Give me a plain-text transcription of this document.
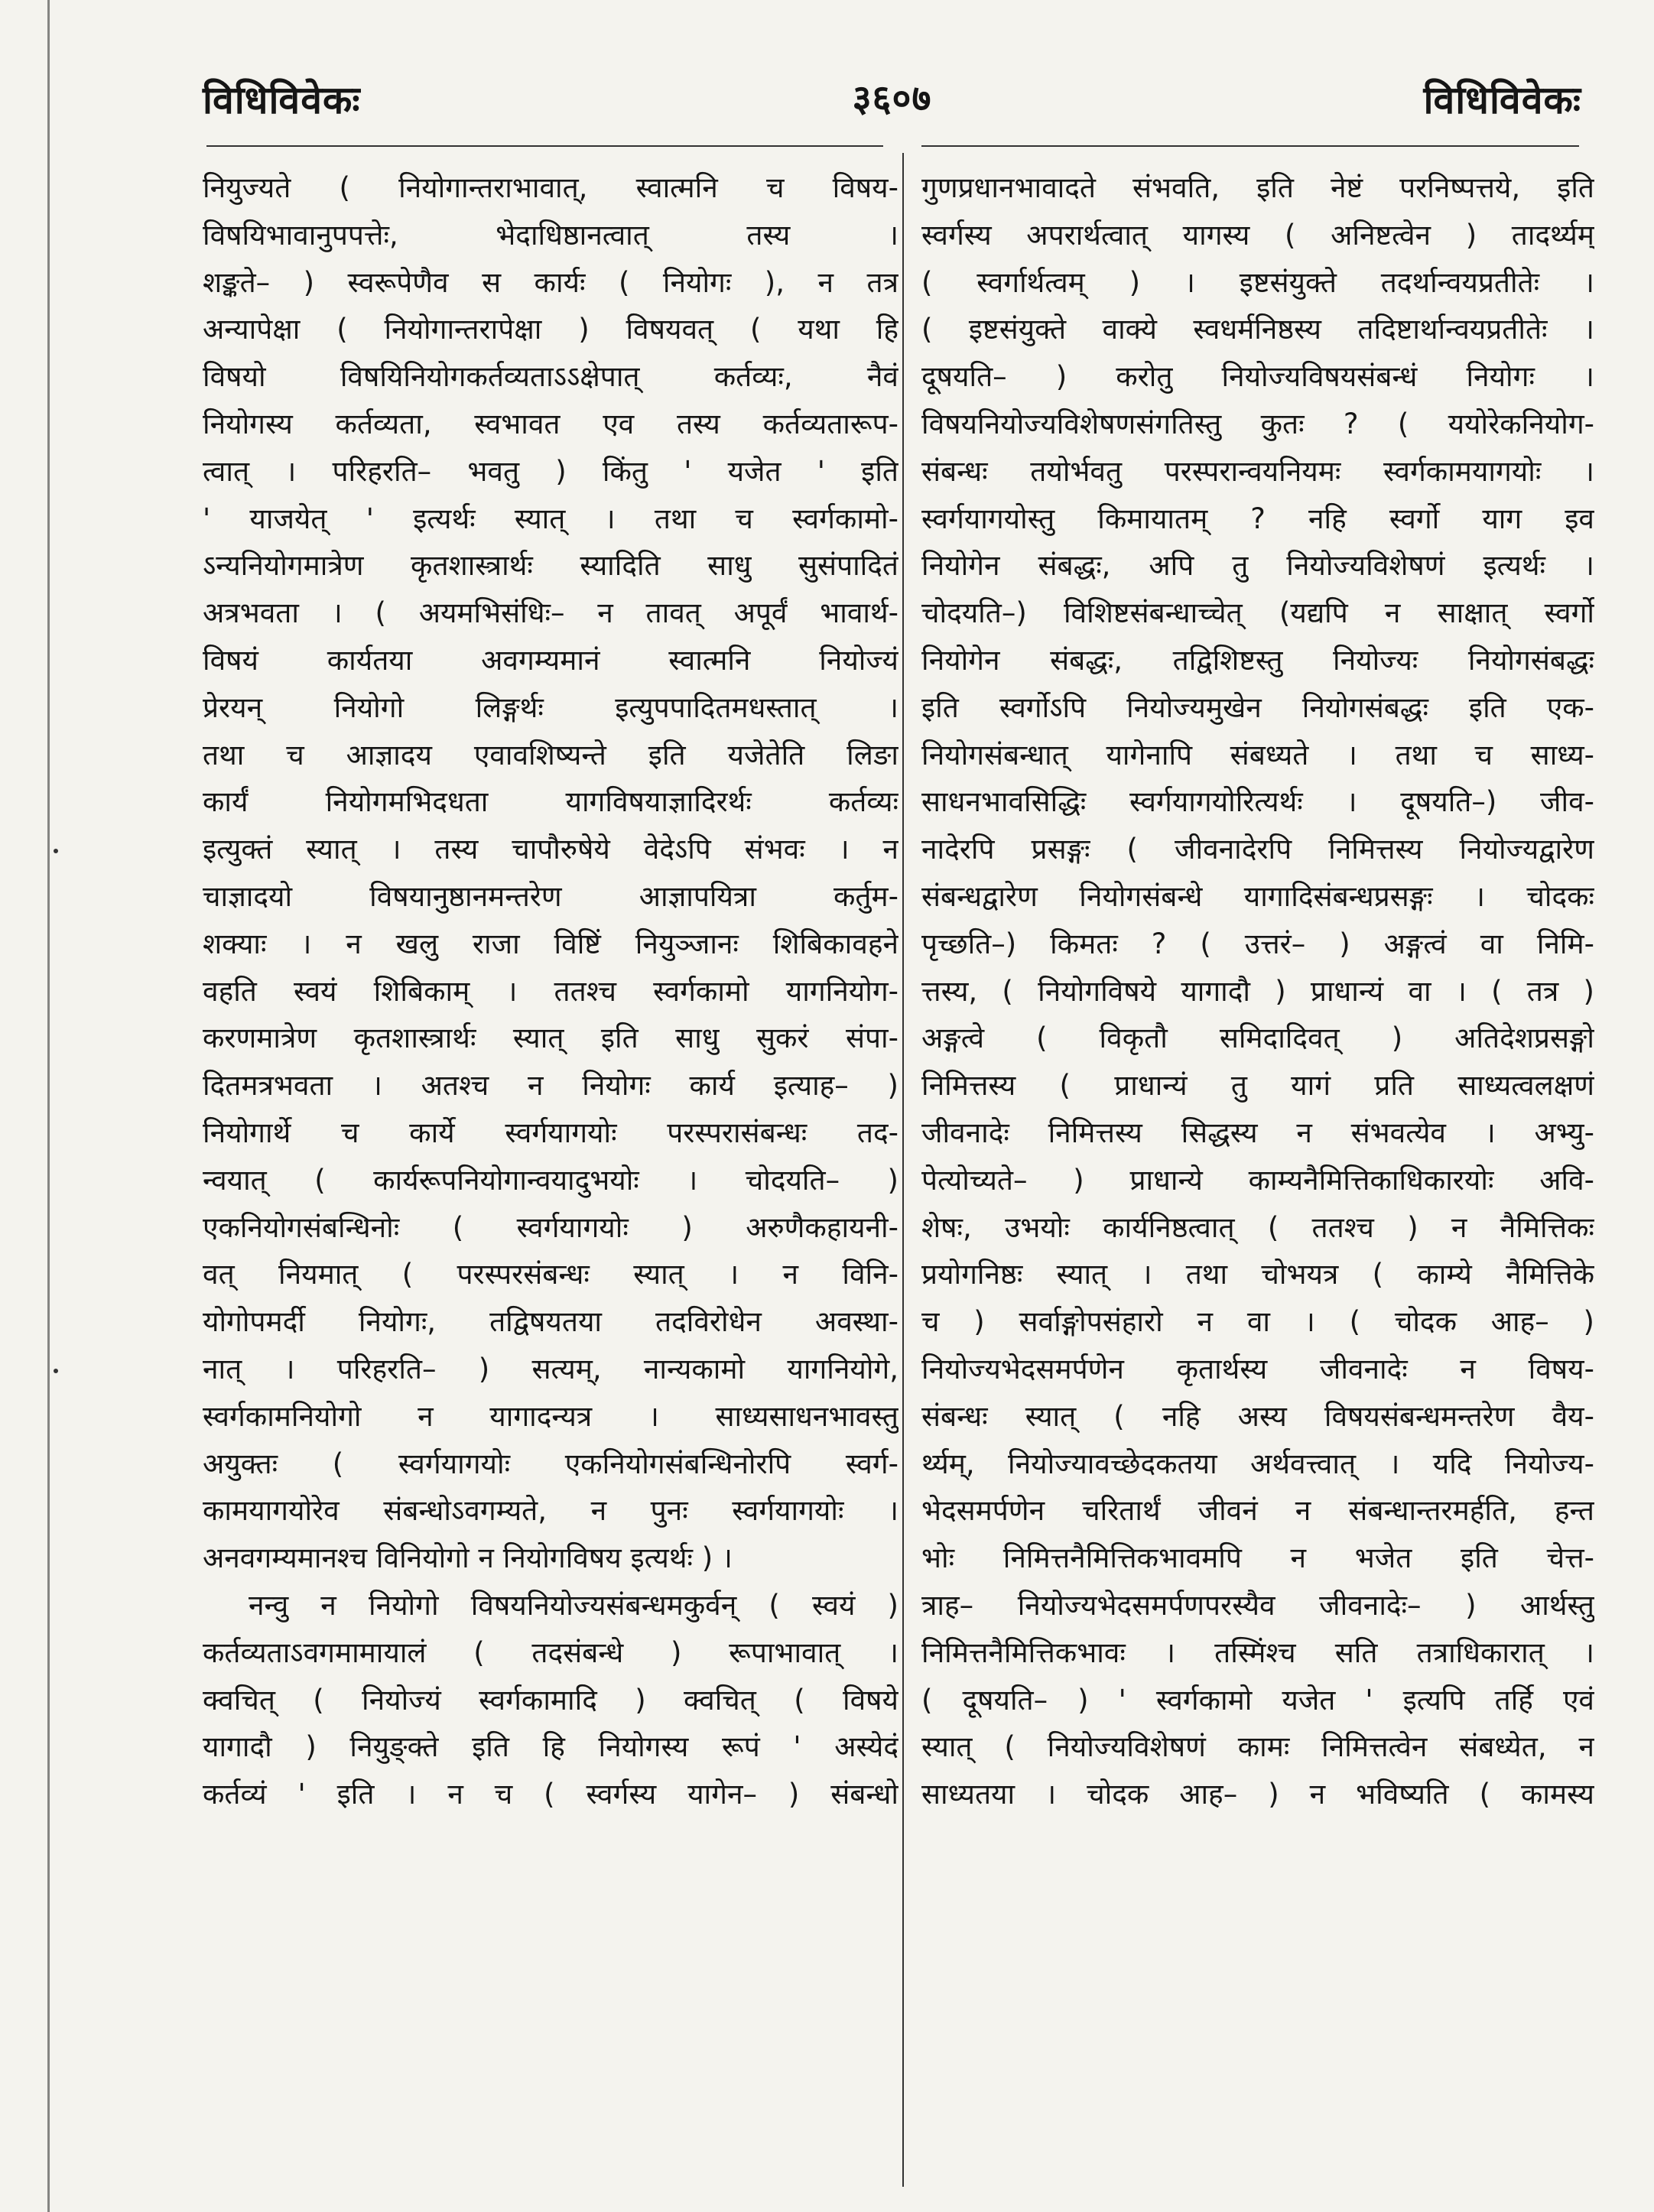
विधिविवेकः	३६०७	विधिविवेकः
नियुज्यते ( नियोगान्तराभावात्, स्वात्मनि च विषय-
विषयिभावानुपपत्तेः, भेदाधिष्ठानत्वात् तस्य ।
शङ्कते– ) स्वरूपेणैव स कार्यः ( नियोगः ), न तत्र
अन्यापेक्षा ( नियोगान्तरापेक्षा ) विषयवत् ( यथा हि
विषयो विषयिनियोगकर्तव्यताऽऽक्षेपात् कर्तव्यः, नैवं
नियोगस्य कर्तव्यता, स्वभावत एव तस्य कर्तव्यतारूप-
त्वात् । परिहरति– भवतु ) किंतु ' यजेत ' इति
' याजयेत् ' इत्यर्थः स्यात् । तथा च स्वर्गकामो-
ऽन्यनियोगमात्रेण कृतशास्त्रार्थः स्यादिति साधु सुसंपादितं
अत्रभवता । ( अयमभिसंधिः– न तावत् अपूर्वं भावार्थ-
विषयं कार्यतया अवगम्यमानं स्वात्मनि नियोज्यं
प्रेरयन् नियोगो लिङ्गर्थः इत्युपपादितमधस्तात् ।
तथा च आज्ञादय एवावशिष्यन्ते इति यजेतेति लिङा
कार्यं नियोगमभिदधता यागविषयाज्ञादिरर्थः कर्तव्यः
इत्युक्तं स्यात् । तस्य चापौरुषेये वेदेऽपि संभवः । न
चाज्ञादयो विषयानुष्ठानमन्तरेण आज्ञापयित्रा कर्तुम-
शक्याः । न खलु राजा विष्टिं नियुञ्जानः शिबिकावहने
वहति स्वयं शिबिकाम् । ततश्च स्वर्गकामो यागनियोग-
करणमात्रेण कृतशास्त्रार्थः स्यात् इति साधु सुकरं संपा-
दितमत्रभवता । अतश्च न नियोगः कार्य इत्याह– )
नियोगार्थे च कार्ये स्वर्गयागयोः परस्परासंबन्धः तद-
न्वयात् ( कार्यरूपनियोगान्वयादुभयोः । चोदयति– )
एकनियोगसंबन्धिनोः ( स्वर्गयागयोः ) अरुणैकहायनी-
वत् नियमात् ( परस्परसंबन्धः स्यात् । न विनि-
योगोपमर्दी नियोगः, तद्विषयतया तदविरोधेन अवस्था-
नात् । परिहरति– ) सत्यम्, नान्यकामो यागनियोगे,
स्वर्गकामनियोगो न यागादन्यत्र । साध्यसाधनभावस्तु
अयुक्तः ( स्वर्गयागयोः एकनियोगसंबन्धिनोरपि स्वर्ग-
कामयागयोरेव संबन्धोऽवगम्यते, न पुनः स्वर्गयागयोः ।
अनवगम्यमानश्च विनियोगो न नियोगविषय इत्यर्थः ) ।
नन्वु न नियोगो विषयनियोज्यसंबन्धमकुर्वन् ( स्वयं )
कर्तव्यताऽवगमामायालं ( तदसंबन्धे ) रूपाभावात् ।
क्वचित् ( नियोज्यं स्वर्गकामादि ) क्वचित् ( विषये
यागादौ ) नियुङ्क्ते इति हि नियोगस्य रूपं ' अस्येदं
कर्तव्यं ' इति । न च ( स्वर्गस्य यागेन– ) संबन्धो
गुणप्रधानभावादते संभवति, इति नेष्टं परनिष्पत्तये, इति
स्वर्गस्य अपरार्थत्वात् यागस्य ( अनिष्टत्वेन ) तादर्थ्यम्
( स्वर्गार्थत्वम् ) । इष्टसंयुक्ते तदर्थान्वयप्रतीतेः ।
( इष्टसंयुक्ते वाक्ये स्वधर्मनिष्ठस्य तदिष्टार्थान्वयप्रतीतेः ।
दूषयति– ) करोतु नियोज्यविषयसंबन्धं नियोगः ।
विषयनियोज्यविशेषणसंगतिस्तु कुतः ? ( ययोरेकनियोग-
संबन्धः तयोर्भवतु परस्परान्वयनियमः स्वर्गकामयागयोः ।
स्वर्गयागयोस्तु किमायातम् ? नहि स्वर्गो याग इव
नियोगेन संबद्धः, अपि तु नियोज्यविशेषणं इत्यर्थः ।
चोदयति–) विशिष्टसंबन्धाच्चेत् (यद्यपि न साक्षात् स्वर्गो
नियोगेन संबद्धः, तद्विशिष्टस्तु नियोज्यः नियोगसंबद्धः
इति स्वर्गोऽपि नियोज्यमुखेन नियोगसंबद्धः इति एक-
नियोगसंबन्धात् यागेनापि संबध्यते । तथा च साध्य-
साधनभावसिद्धिः स्वर्गयागयोरित्यर्थः । दूषयति–) जीव-
नादेरपि प्रसङ्गः ( जीवनादेरपि निमित्तस्य नियोज्यद्वारेण
संबन्धद्वारेण नियोगसंबन्धे यागादिसंबन्धप्रसङ्गः । चोदकः
पृच्छति–) किमतः ? ( उत्तरं– ) अङ्गत्वं वा निमि-
त्तस्य, ( नियोगविषये यागादौ ) प्राधान्यं वा । ( तत्र )
अङ्गत्वे ( विकृतौ समिदादिवत् ) अतिदेशप्रसङ्गो
निमित्तस्य ( प्राधान्यं तु यागं प्रति साध्यत्वलक्षणं
जीवनादेः निमित्तस्य सिद्धस्य न संभवत्येव । अभ्यु-
पेत्योच्यते– ) प्राधान्ये काम्यनैमित्तिकाधिकारयोः अवि-
शेषः, उभयोः कार्यनिष्ठत्वात् ( ततश्च ) न नैमित्तिकः
प्रयोगनिष्ठः स्यात् । तथा चोभयत्र ( काम्ये नैमित्तिके
च ) सर्वाङ्गोपसंहारो न वा । ( चोदक आह– )
नियोज्यभेदसमर्पणेन कृतार्थस्य जीवनादेः न विषय-
संबन्धः स्यात् ( नहि अस्य विषयसंबन्धमन्तरेण वैय-
र्थ्यम्, नियोज्यावच्छेदकतया अर्थवत्त्वात् । यदि नियोज्य-
भेदसमर्पणेन चरितार्थं जीवनं न संबन्धान्तरमर्हति, हन्त
भोः निमित्तनैमित्तिकभावमपि न भजेत इति चेत्त-
त्राह– नियोज्यभेदसमर्पणपरस्यैव जीवनादेः– ) आर्थस्तु
निमित्तनैमित्तिकभावः । तस्मिंश्च सति तत्राधिकारात् ।
( दूषयति– ) ' स्वर्गकामो यजेत ' इत्यपि तर्हि एवं
स्यात् ( नियोज्यविशेषणं कामः निमित्तत्वेन संबध्येत, न
साध्यतया । चोदक आह– ) न भविष्यति ( कामस्य
